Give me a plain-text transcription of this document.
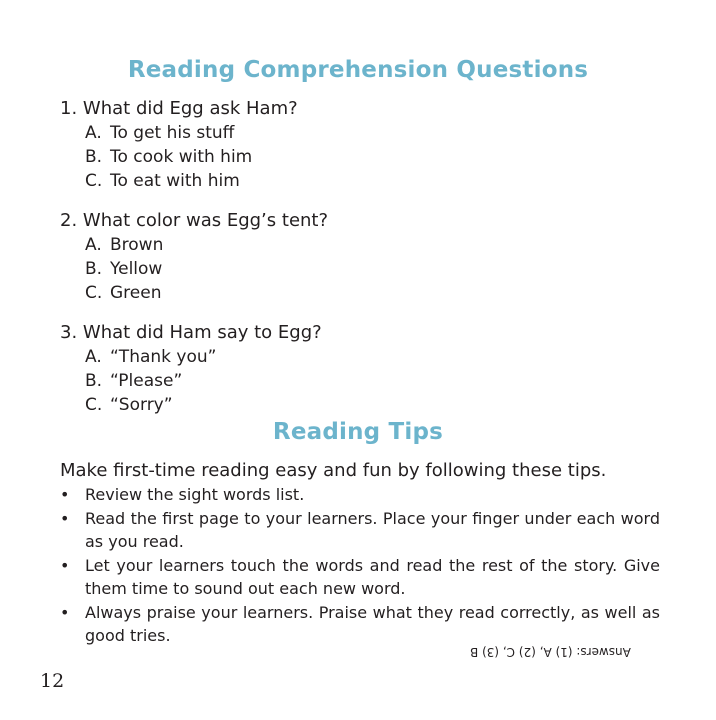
Reading Comprehension Questions
1. What did Egg ask Ham?
A. To get his stuff
B. To cook with him
C. To eat with him
2. What color was Egg’s tent?
A. Brown
B. Yellow
C. Green
3. What did Ham say to Egg?
A. “Thank you”
B. “Please”
C. “Sorry”
Reading Tips

Make first-time reading easy and fun by following these tips.

• Review the sight words list.
• Read the first page to your learners. Place your finger under each word as you read.
• Let your learners touch the words and read the rest of the story. Give them time to sound out each new word.
• Always praise your learners. Praise what they read correctly, as well as good tries.
Answers: (1) A, (2) C, (3) B
12
